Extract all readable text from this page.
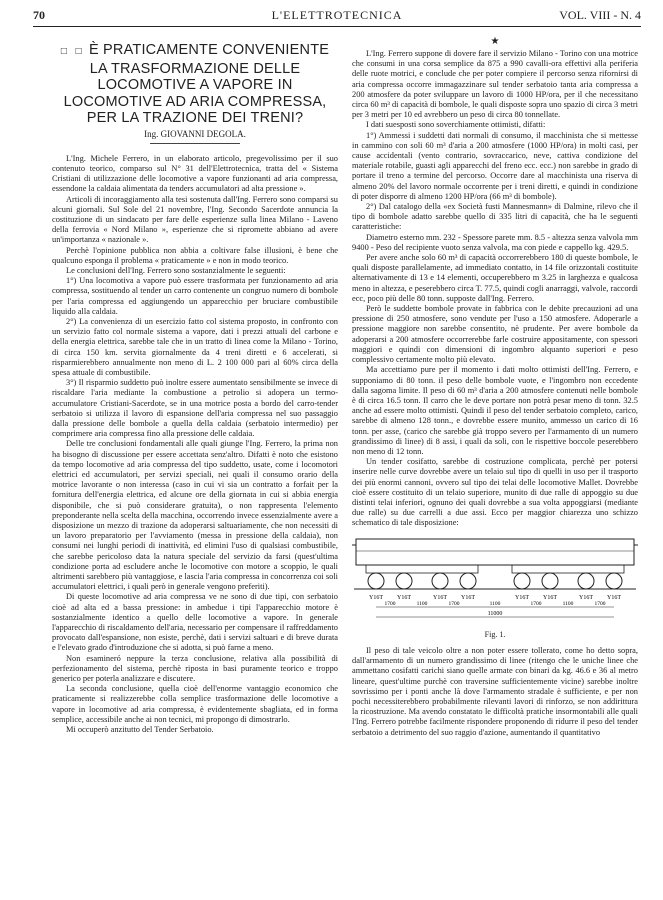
70	L'ELETTROTECNICA	VOL. VIII - N. 4
□ □ È PRATICAMENTE CONVENIENTE LA TRASFORMAZIONE DELLE LOCOMOTIVE A VAPORE IN LOCOMOTIVE AD ARIA COMPRESSA, PER LA TRAZIONE DEI TRENI?
Ing. GIOVANNI DEGOLA.

L'Ing. Michele Ferrero, in un elaborato articolo, pregevolissimo per il suo contenuto teorico, comparso sul N° 31 dell'Elettrotecnica, tratta del « Sistema Cristiani di utilizzazione delle locomotive a vapore funzionanti ad aria compressa, essendone la caldaia alimentata da tenders accumulatori ad alta pressione ».

Articoli di incoraggiamento alla tesi sostenuta dall'Ing. Ferrero sono comparsi su alcuni giornali. Sul Sole del 21 novembre, l'Ing. Secondo Sacerdote annuncia la costituzione di un sindacato per fare delle esperienze sulla linea Milano - Laveno della ferrovia « Nord Milano », esperienze che si ripromette abbiano ad avere un'importanza « nazionale ».

Perchè l'opinione pubblica non abbia a coltivare false illusioni, è bene che qualcuno esponga il problema « praticamente » e non in modo teorico.

Le conclusioni dell'Ing. Ferrero sono sostanzialmente le seguenti:

1°) Una locomotiva a vapore può essere trasformata per funzionamento ad aria compressa, sostituendo al tender un carro contenente un congruo numero di bombole per l'aria compressa ed aggiungendo un apparecchio per bruciare combustibile liquido alla caldaia.

2°) La convenienza di un esercizio fatto col sistema proposto, in confronto con un servizio fatto col normale sistema a vapore, dati i prezzi attuali del carbone e della energia elettrica, sarebbe tale che in un tratto di linea come la Milano - Torino, di circa 150 km. servita giornalmente da 4 treni diretti e 6 accelerati, si risparmierebbero annualmente non meno di L. 2 100 000 pari al 60% circa della spesa attuale di combustibile.

3°) Il risparmio suddetto può inoltre essere aumentato sensibilmente se invece di riscaldare l'aria mediante la combustione a petrolio si adopera un termo-accumulatore Cristiani-Sacerdote, se in una motrice posta a bordo del carro-tender serbatoio si utilizza il lavoro di espansione dell'aria compressa nel suo passaggio dalla pressione delle bombole a quella della caldaia (serbatoio intermedio) per comprimere aria compressa fino alla pressione delle caldaia.

Delle tre conclusioni fondamentali alle quali giunge l'Ing. Ferrero, la prima non ha bisogno di discussione per essere accettata senz'altro. Difatti è noto che esistono da tempo locomotive ad aria compressa del tipo suddetto, usate, come i locomotori elettrici ed accumulatori, per servizi speciali, nei quali il consumo orario della motrice lavorante o non interessa (caso in cui vi sia un contratto a forfait per la fornitura dell'energia elettrica, ed alcune ore della giornata in cui si abbia energia disponibile, che si può considerare gratuita), o non rappresenta l'elemento preponderante nella scelta della macchina, occorrendo invece essenzialmente avere a disposizione un mezzo di trazione da adoperarsi saltuariamente, che non necessiti di un lavoro preparatorio per l'avviamento (messa in pressione della caldaia), non consumi nei lunghi periodi di inattività, ed elimini l'uso di qualsiasi combustibile, che sarebbe pericoloso data la natura speciale del servizio da farsi (quest'ultima condizione porta ad escludere anche le locomotive con motore a scoppio, le quali altrimenti sarebbero più vantaggiose, e lascia l'aria compressa in concorrenza coi soli accumulatori elettrici, i quali però in generale vengono preferiti).

Di queste locomotive ad aria compressa ve ne sono di due tipi, con serbatoio cioè ad alta ed a bassa pressione: in ambedue i tipi l'apparecchio motore è sostanzialmente identico a quello delle locomotive a vapore. In generale l'apparecchio di riscaldamento dell'aria, necessario per compensare il raffreddamento provocato dall'espansione, non esiste, perchè, dati i servizi saltuari e di breve durata e l'elevato grado d'introduzione che si adotta, si può farne a meno.

Non esamineró neppure la terza conclusione, relativa alla possibilità di perfezionamento del sistema, perchè riposta in basi puramente teorico e troppo generico per poterla analizzare e discutere.

La seconda conclusione, quella cioè dell'enorme vantaggio economico che praticamente si realizzerebbe colla semplice trasformazione delle locomotive a vapore in locomotive ad aria compressa, è evidentemente sbagliata, ed in forma semplice, accessibile anche ai non tecnici, mi propongo di dimostrarlo.

Mi occuperò anzitutto del Tender Serbatoio.

★

L'Ing. Ferrero suppone di dovere fare il servizio Milano - Torino con una motrice che consumi in una corsa semplice da 875 a 990 cavalli-ora effettivi alla periferia delle ruote motrici, e conclude che per poter compiere il percorso senza rifornirsi di aria compressa occorre immagazzinare sul tender serbatoio tanta aria compressa a 200 atmosfere da poter sviluppare un lavoro di 1000 HP/ora, per il che necessitano circa 60 m³ di capacità di bombole, le quali disposte sopra uno spazio di circa 3 metri per 3 metri per 10 ed avrebbero un peso di circa 80 tonnellate.

I dati suesposti sono soverchiamente ottimisti, difatti:

1°) Ammessi i suddetti dati normali di consumo, il macchinista che si mettesse in cammino con soli 60 m³ d'aria a 200 atmosfere (1000 HP/ora) in molti casi, per cause accidentali (vento contrario, sovraccarico, neve, cattiva condizione del materiale rotabile, guasti agli apparecchi del freno ecc. ecc.) non sarebbe in grado di portare il treno a termine del percorso. Occorre dare al macchinista una riserva di almeno 20% del lavoro normale occorrente per i treni diretti, e quindi in condizione di poter disporre di almeno 1200 HP/ora (66 m³ di bombole).

2°) Dal catalogo della «ex Società fusti Mannesmann» di Dalmine, rilevo che il tipo di bombole adatto sarebbe quello di 335 litri di capacità, che ha le seguenti caratteristiche:

Diametro esterno mm. 232 - Spessore parete mm. 8.5 - altezza senza valvola mm 9400 - Peso del recipiente vuoto senza valvola, ma con piede e cappello kg. 429.5.

Per avere anche solo 60 m³ di capacità occorrerebbero 180 di queste bombole, le quali disposte parallelamente, ad immediato contatto, in 14 file orizzontali costituite alternativamente di 13 e 14 elementi, occuperebbero m 3.25 in larghezza e qualcosa meno in altezza, e peserebbero circa T. 77.5, quindi cogli anarraggi, valvole, raccordi ecc, poco più delle 80 tonn. supposte dall'Ing. Ferrero.

Però le suddette bombole provate in fabbrica con le debite precauzioni ad una pressione di 250 atmosfere, sono vendute per l'uso a 150 atmosfere. Adoperarle a pressione maggiore non sarebbe consentito, nè prudente. Per avere bombole da adoperarsi a 200 atmosfere occorrerebbe farle costruire appositamente, con spessori maggiori e quindi con dimensioni di ingombro alquanto superiori e peso complessivo certamente molto più elevato.

Ma accettiamo pure per il momento i dati molto ottimisti dell'Ing. Ferrero, e supponiamo di 80 tonn. il peso delle bombole vuote, e l'ingombro non eccedente dalla sagoma limite. Il peso di 60 m³ d'aria a 200 atmosfere contenuti nelle bombole è di circa 16.5 tonn. Il carro che le deve portare non potrà pesar meno di tonn. 32.5 anche ad essere molto ottimisti. Quindi il peso del tender serbatoio completo, carico, sarebbe di almeno 128 tonn., e dovrebbe essere munito, ammesso un carico di 16 tonn. per asse, (carico che sarebbe già troppo severo per l'armamento di un numero grandissimo di linee) di 8 assi, i quali da soli, con le rispettive boccole peserebbero non meno di 12 tonn.

Un tender cosifatto, sarebbe di costruzione complicata, perchè per potersi inserire nelle curve dovrebbe avere un telaio sul tipo di quelli in uso per il trasporto dei più enormi cannoni, ovvero sul tipo dei telai delle locomotive Mallet. Dovrebbe cioè essere costituito di un telaio superiore, munito di due ralle di appoggio su due distinti telai inferiori, ognuno dei quali dovrebbe a sua volta appoggiarsi (mediante due ralle) su due carrelli a due assi. Ecco per maggior chiarezza uno schizzo schematico di tale disposizione:

Y16T Y16T	Y16T Y16T	Y16T Y16T	Y16T Y16T
1700	1100	1700	1100	1700	1100	1700
11000
Fig. 1.

Il peso di tale veicolo oltre a non poter essere tollerato, come ho detto sopra, dall'armamento di un numero grandissimo di linee (ritengo che le uniche linee che ammettano cosifatti carichi siano quelle armate con binari da kg. 46.6 e 36 al metro lineare, quest'ultime purchè con traversine sufficientemente vicine) sarebbe inoltre sovrissimo per i ponti anche là dove l'armamento stradale è sufficiente, e per non pochi necessiterebbero probabilmente rilevanti lavori di rinforzo, se non addirittura la ricostruzione. Ma avendo constatato le difficoltà pratiche insormontabili alle quali l'Ing. Ferrero potrebbe facilmente rispondere proponendo di ridurre il peso del tender serbatoio a detrimento del suo raggio d'azione, aumentando il quantitativo
